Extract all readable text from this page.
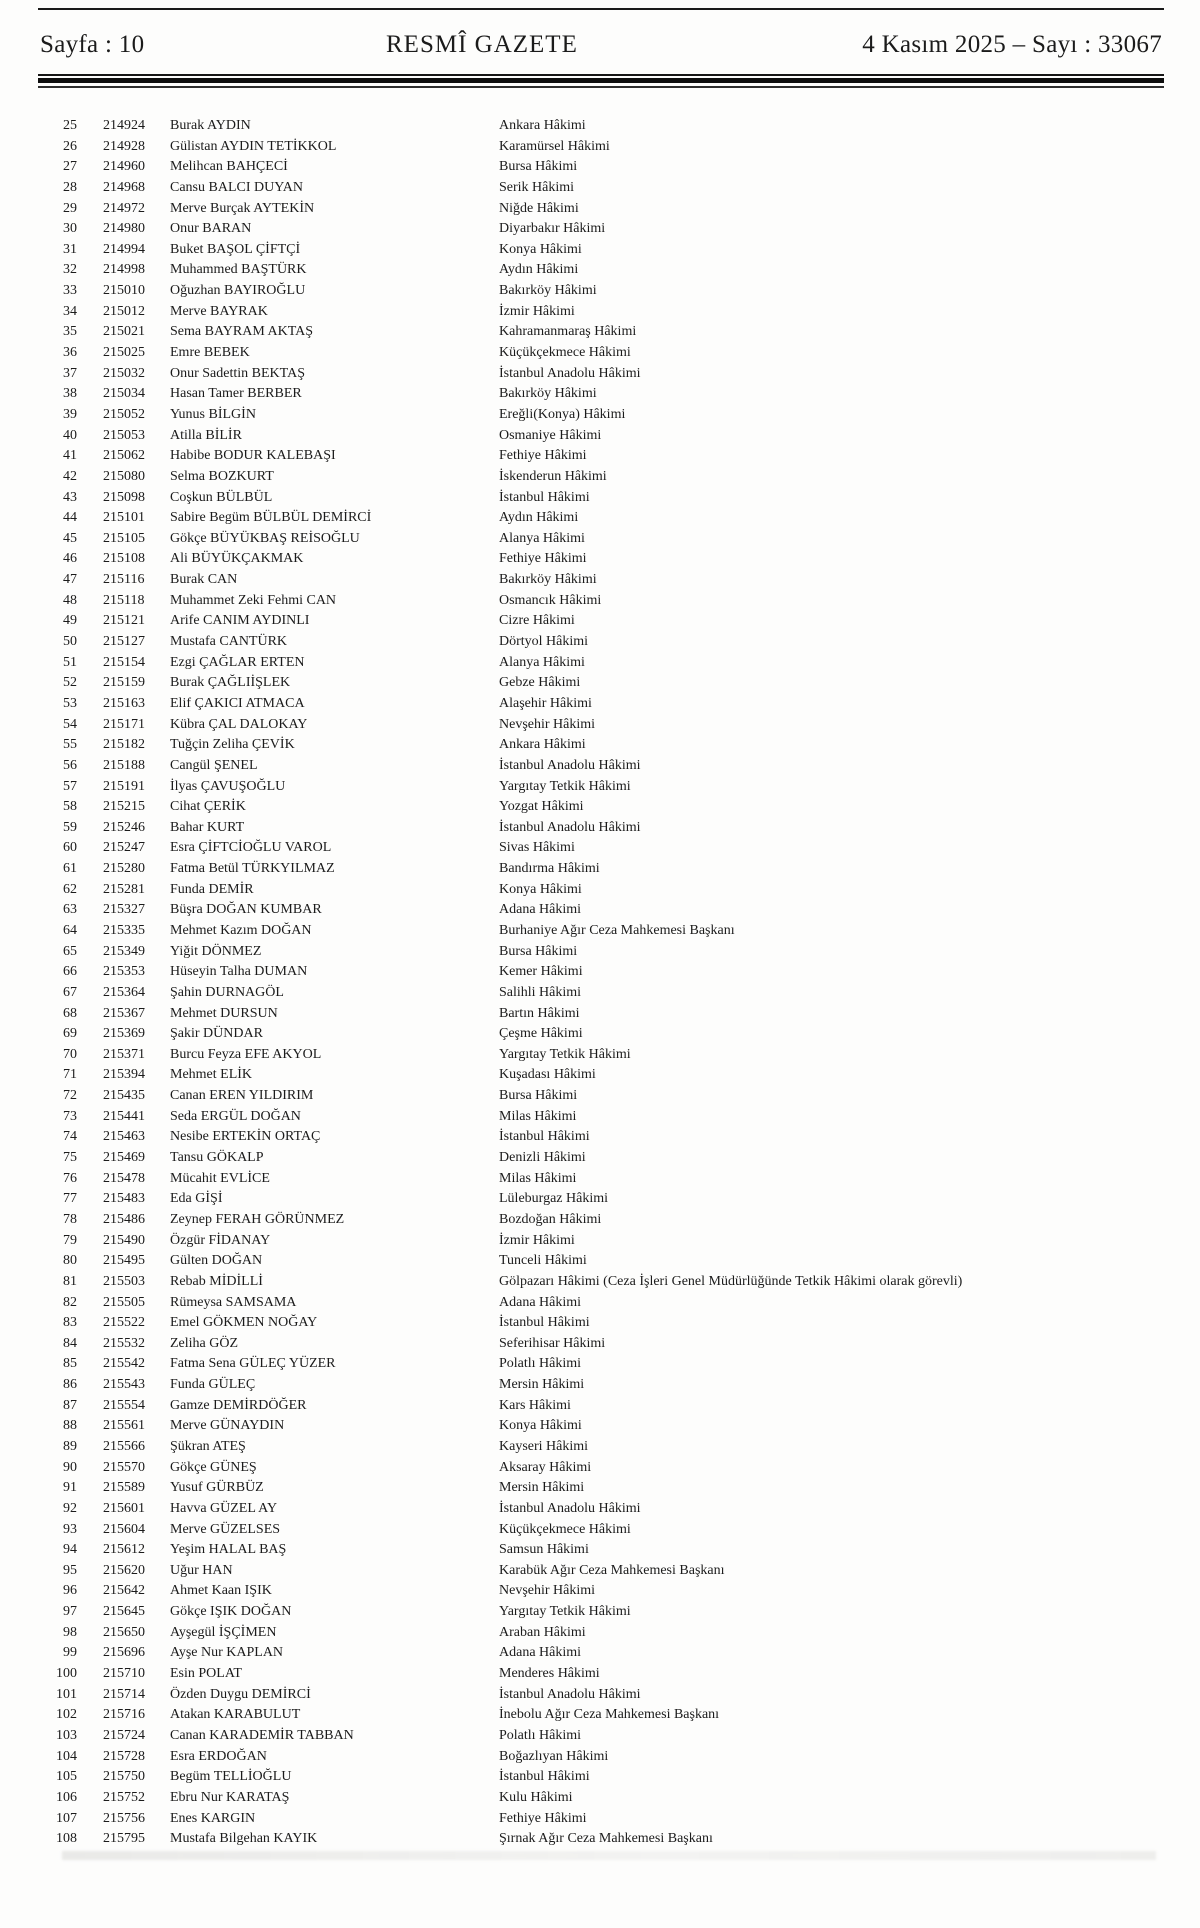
Sayfa : 10	RESMÎ GAZETE	4 Kasım 2025 – Sayı : 33067
25 214924 Burak AYDIN	Ankara Hâkimi
26 214928 Gülistan AYDIN TETİKKOL	Karamürsel Hâkimi
27 214960 Melihcan BAHÇECİ	Bursa Hâkimi
28 214968 Cansu BALCI DUYAN	Serik Hâkimi
29 214972 Merve Burçak AYTEKİN	Niğde Hâkimi
30 214980 Onur BARAN	Diyarbakır Hâkimi
31 214994 Buket BAŞOL ÇİFTÇİ	Konya Hâkimi
32 214998 Muhammed BAŞTÜRK	Aydın Hâkimi
33 215010 Oğuzhan BAYIROĞLU	Bakırköy Hâkimi
34 215012 Merve BAYRAK	İzmir Hâkimi
35 215021 Sema BAYRAM AKTAŞ	Kahramanmaraş Hâkimi
36 215025 Emre BEBEK	Küçükçekmece Hâkimi
37 215032 Onur Sadettin BEKTAŞ	İstanbul Anadolu Hâkimi
38 215034 Hasan Tamer BERBER	Bakırköy Hâkimi
39 215052 Yunus BİLGİN	Ereğli(Konya) Hâkimi
40 215053 Atilla BİLİR	Osmaniye Hâkimi
41 215062 Habibe BODUR KALEBAŞI	Fethiye Hâkimi
42 215080 Selma BOZKURT	İskenderun Hâkimi
43 215098 Coşkun BÜLBÜL	İstanbul Hâkimi
44 215101 Sabire Begüm BÜLBÜL DEMİRCİ	Aydın Hâkimi
45 215105 Gökçe BÜYÜKBAŞ REİSOĞLU	Alanya Hâkimi
46 215108 Ali BÜYÜKÇAKMAK	Fethiye Hâkimi
47 215116 Burak CAN	Bakırköy Hâkimi
48 215118 Muhammet Zeki Fehmi CAN	Osmancık Hâkimi
49 215121 Arife CANIM AYDINLI	Cizre Hâkimi
50 215127 Mustafa CANTÜRK	Dörtyol Hâkimi
51 215154 Ezgi ÇAĞLAR ERTEN	Alanya Hâkimi
52 215159 Burak ÇAĞLIİŞLEK	Gebze Hâkimi
53 215163 Elif ÇAKICI ATMACA	Alaşehir Hâkimi
54 215171 Kübra ÇAL DALOKAY	Nevşehir Hâkimi
55 215182 Tuğçin Zeliha ÇEVİK	Ankara Hâkimi
56 215188 Cangül ŞENEL	İstanbul Anadolu Hâkimi
57 215191 İlyas ÇAVUŞOĞLU	Yargıtay Tetkik Hâkimi
58 215215 Cihat ÇERİK	Yozgat Hâkimi
59 215246 Bahar KURT	İstanbul Anadolu Hâkimi
60 215247 Esra ÇİFTCİOĞLU VAROL	Sivas Hâkimi
61 215280 Fatma Betül TÜRKYILMAZ	Bandırma Hâkimi
62 215281 Funda DEMİR	Konya Hâkimi
63 215327 Büşra DOĞAN KUMBAR	Adana Hâkimi
64 215335 Mehmet Kazım DOĞAN	Burhaniye Ağır Ceza Mahkemesi Başkanı
65 215349 Yiğit DÖNMEZ	Bursa Hâkimi
66 215353 Hüseyin Talha DUMAN	Kemer Hâkimi
67 215364 Şahin DURNAGÖL	Salihli Hâkimi
68 215367 Mehmet DURSUN	Bartın Hâkimi
69 215369 Şakir DÜNDAR	Çeşme Hâkimi
70 215371 Burcu Feyza EFE AKYOL	Yargıtay Tetkik Hâkimi
71 215394 Mehmet ELİK	Kuşadası Hâkimi
72 215435 Canan EREN YILDIRIM	Bursa Hâkimi
73 215441 Seda ERGÜL DOĞAN	Milas Hâkimi
74 215463 Nesibe ERTEKİN ORTAÇ	İstanbul Hâkimi
75 215469 Tansu GÖKALP	Denizli Hâkimi
76 215478 Mücahit EVLİCE	Milas Hâkimi
77 215483 Eda GİŞİ	Lüleburgaz Hâkimi
78 215486 Zeynep FERAH GÖRÜNMEZ	Bozdoğan Hâkimi
79 215490 Özgür FİDANAY	İzmir Hâkimi
80 215495 Gülten DOĞAN	Tunceli Hâkimi
81 215503 Rebab MİDİLLİ	Gölpazarı Hâkimi (Ceza İşleri Genel Müdürlüğünde Tetkik Hâkimi olarak görevli)
82 215505 Rümeysa SAMSAMA	Adana Hâkimi
83 215522 Emel GÖKMEN NOĞAY	İstanbul Hâkimi
84 215532 Zeliha GÖZ	Seferihisar Hâkimi
85 215542 Fatma Sena GÜLEÇ YÜZER	Polatlı Hâkimi
86 215543 Funda GÜLEÇ	Mersin Hâkimi
87 215554 Gamze DEMİRDÖĞER	Kars Hâkimi
88 215561 Merve GÜNAYDIN	Konya Hâkimi
89 215566 Şükran ATEŞ	Kayseri Hâkimi
90 215570 Gökçe GÜNEŞ	Aksaray Hâkimi
91 215589 Yusuf GÜRBÜZ	Mersin Hâkimi
92 215601 Havva GÜZEL AY	İstanbul Anadolu Hâkimi
93 215604 Merve GÜZELSES	Küçükçekmece Hâkimi
94 215612 Yeşim HALAL BAŞ	Samsun Hâkimi
95 215620 Uğur HAN	Karabük Ağır Ceza Mahkemesi Başkanı
96 215642 Ahmet Kaan IŞIK	Nevşehir Hâkimi
97 215645 Gökçe IŞIK DOĞAN	Yargıtay Tetkik Hâkimi
98 215650 Ayşegül İŞÇİMEN	Araban Hâkimi
99 215696 Ayşe Nur KAPLAN	Adana Hâkimi
100 215710 Esin POLAT	Menderes Hâkimi
101 215714 Özden Duygu DEMİRCİ	İstanbul Anadolu Hâkimi
102 215716 Atakan KARABULUT	İnebolu Ağır Ceza Mahkemesi Başkanı
103 215724 Canan KARADEMİR TABBAN	Polatlı Hâkimi
104 215728 Esra ERDOĞAN	Boğazlıyan Hâkimi
105 215750 Begüm TELLİOĞLU	İstanbul Hâkimi
106 215752 Ebru Nur KARATAŞ	Kulu Hâkimi
107 215756 Enes KARGIN	Fethiye Hâkimi
108 215795 Mustafa Bilgehan KAYIK	Şırnak Ağır Ceza Mahkemesi Başkanı
